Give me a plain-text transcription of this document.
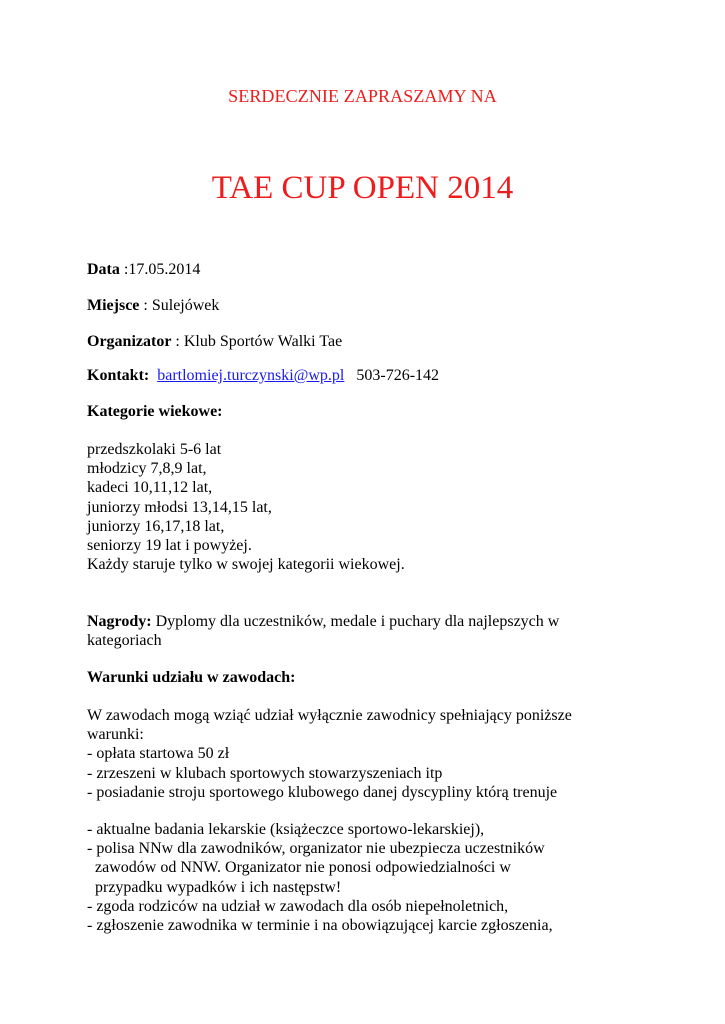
SERDECZNIE ZAPRASZAMY NA
TAE CUP OPEN 2014
Data :17.05.2014
Miejsce : Sulejówek
Organizator : Klub Sportów Walki Tae
Kontakt: bartlomiej.turczynski@wp.pl 503-726-142
Kategorie wiekowe:
przedszkolaki 5-6 lat
młodzicy 7,8,9 lat,
kadeci 10,11,12 lat,
juniorzy młodsi 13,14,15 lat,
juniorzy 16,17,18 lat,
seniorzy 19 lat i powyżej.
Każdy staruje tylko w swojej kategorii wiekowej.
Nagrody: Dyplomy dla uczestników, medale i puchary dla najlepszych w
kategoriach
Warunki udziału w zawodach:
W zawodach mogą wziąć udział wyłącznie zawodnicy spełniający poniższe
warunki:
- opłata startowa 50 zł
- zrzeszeni w klubach sportowych stowarzyszeniach itp
- posiadanie stroju sportowego klubowego danej dyscypliny którą trenuje
- aktualne badania lekarskie (książeczce sportowo-lekarskiej),
- polisa NNw dla zawodników, organizator nie ubezpiecza uczestników
zawodów od NNW. Organizator nie ponosi odpowiedzialności w
przypadku wypadków i ich następstw!
- zgoda rodziców na udział w zawodach dla osób niepełnoletnich,
- zgłoszenie zawodnika w terminie i na obowiązującej karcie zgłoszenia,
